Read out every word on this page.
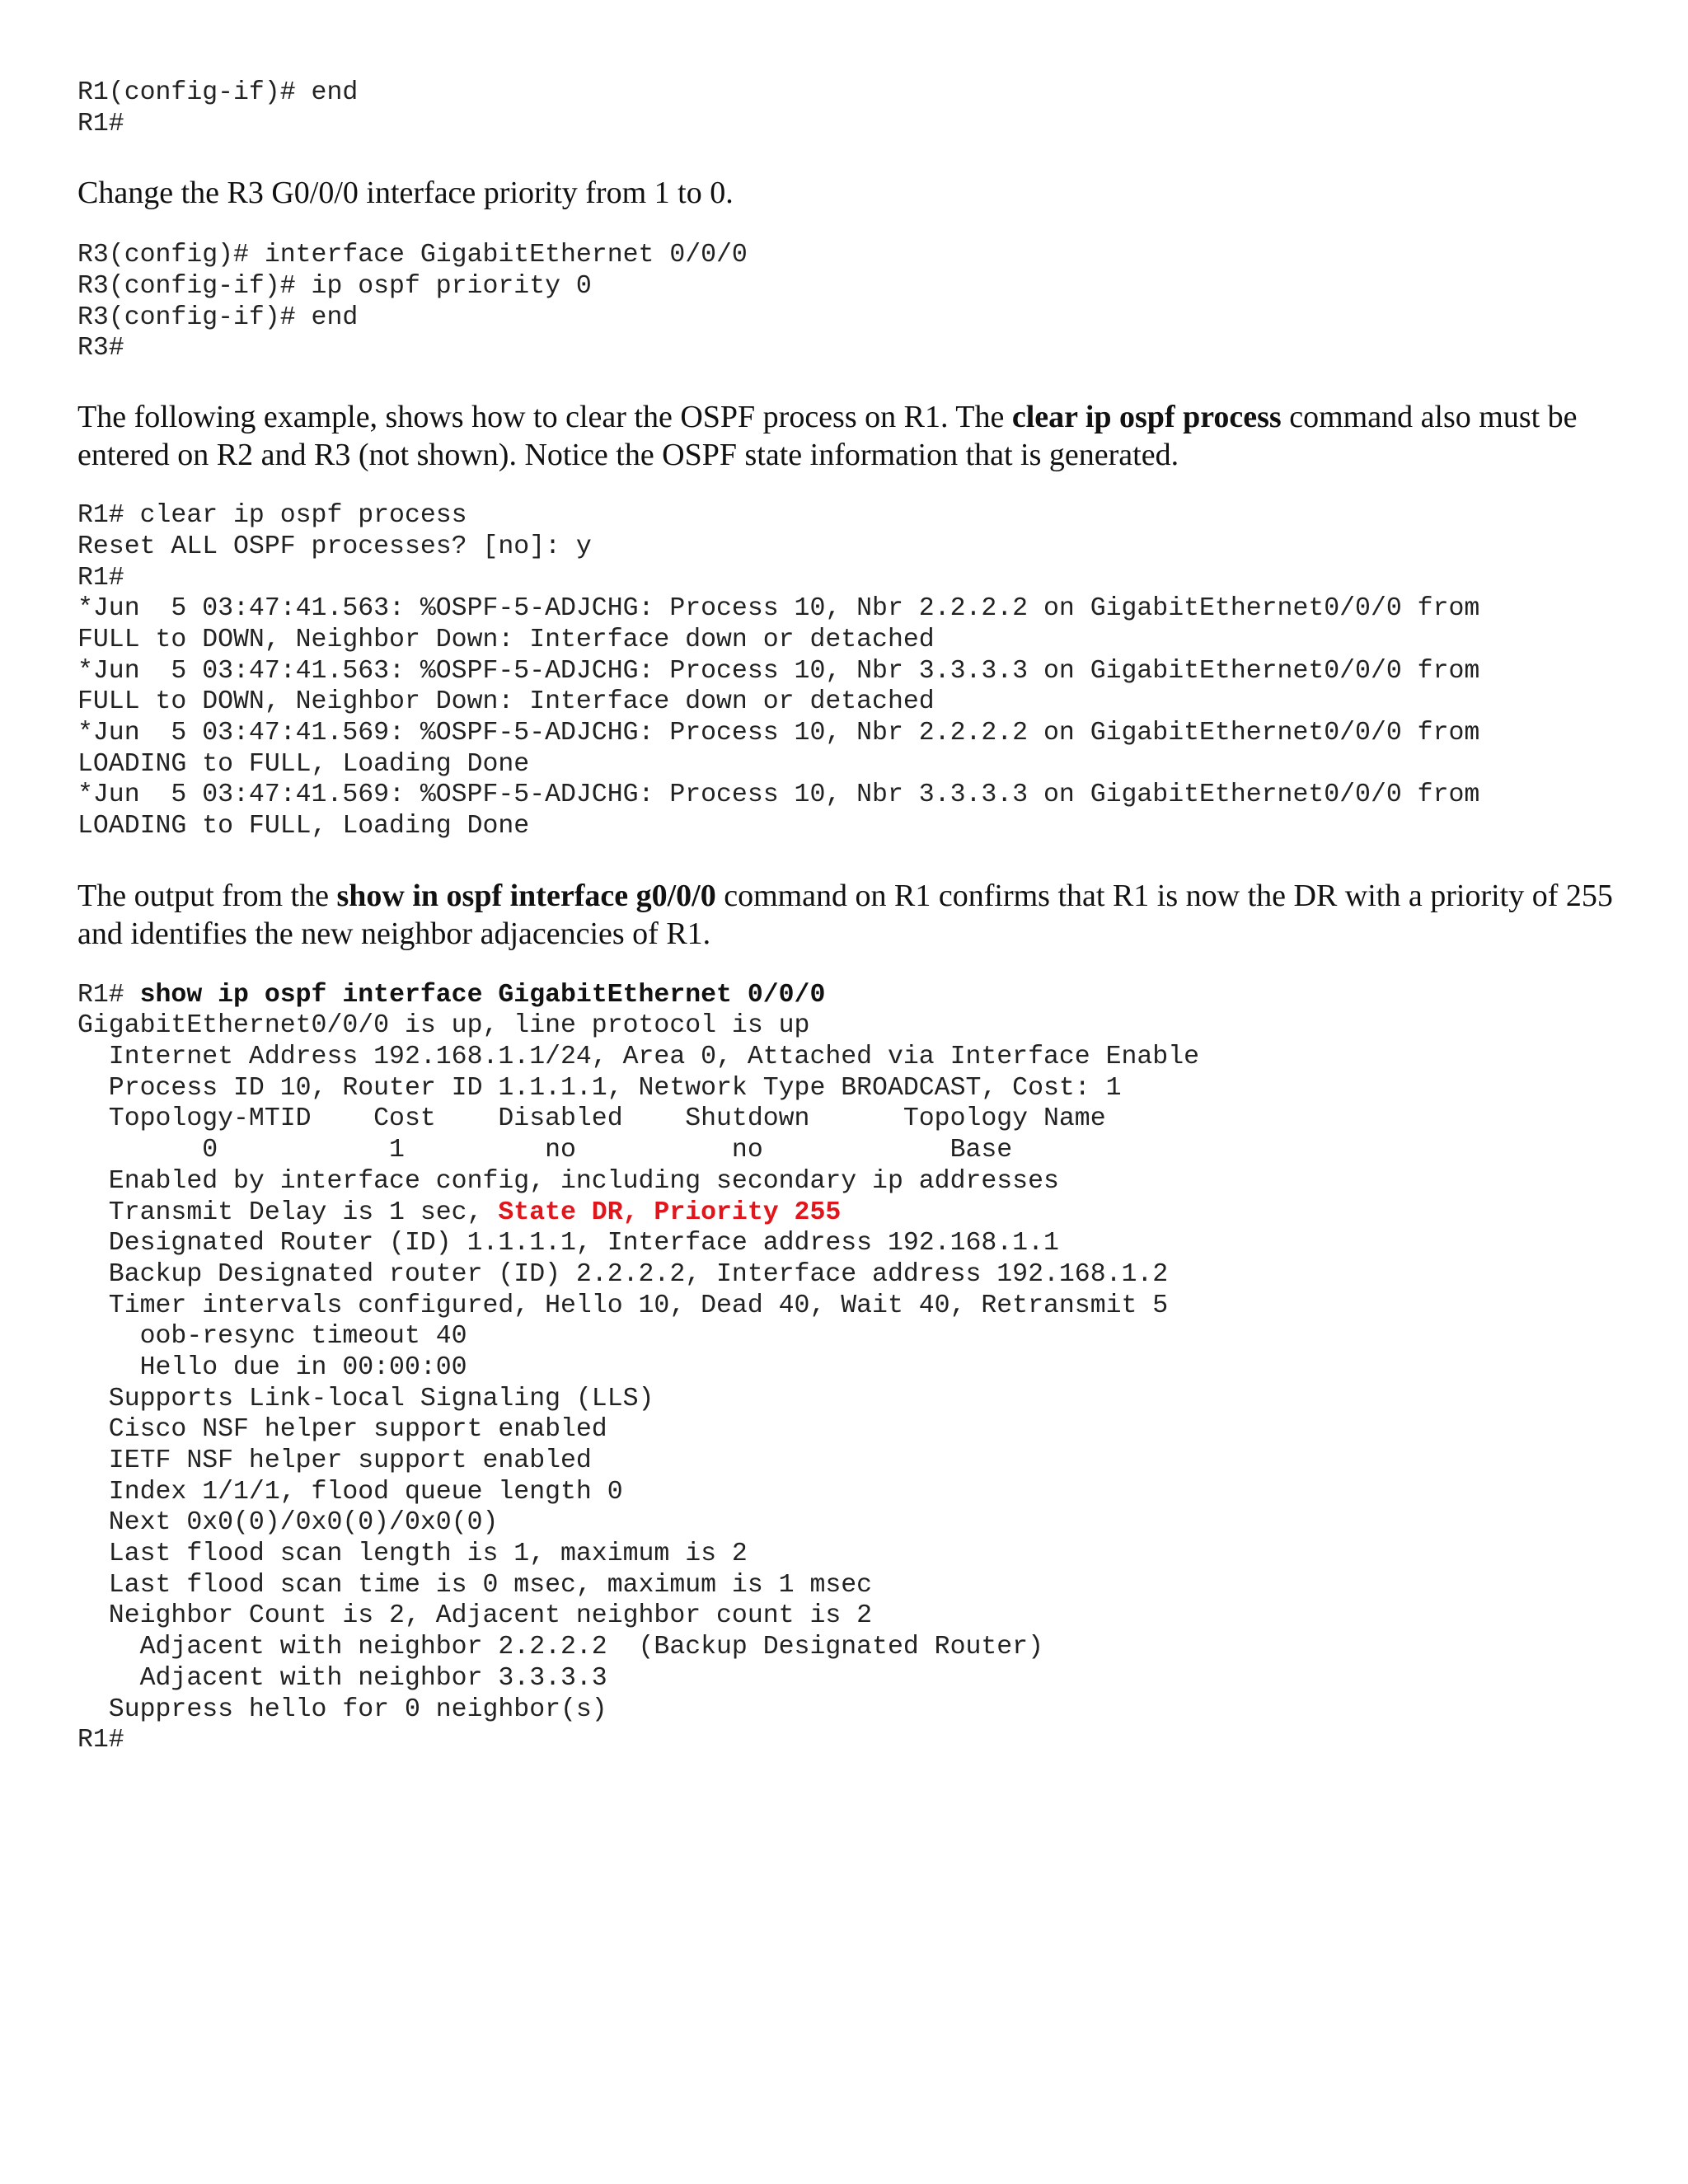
R1(config-if)# end
R1#

Change the R3 G0/0/0 interface priority from 1 to 0.

R3(config)# interface GigabitEthernet 0/0/0
R3(config-if)# ip ospf priority 0
R3(config-if)# end
R3#

The following example, shows how to clear the OSPF process on R1. The clear ip ospf process command also must be entered on R2 and R3 (not shown). Notice the OSPF state information that is generated.

R1# clear ip ospf process
Reset ALL OSPF processes? [no]: y
R1#
*Jun  5 03:47:41.563: %OSPF-5-ADJCHG: Process 10, Nbr 2.2.2.2 on GigabitEthernet0/0/0 from
FULL to DOWN, Neighbor Down: Interface down or detached
*Jun  5 03:47:41.563: %OSPF-5-ADJCHG: Process 10, Nbr 3.3.3.3 on GigabitEthernet0/0/0 from
FULL to DOWN, Neighbor Down: Interface down or detached
*Jun  5 03:47:41.569: %OSPF-5-ADJCHG: Process 10, Nbr 2.2.2.2 on GigabitEthernet0/0/0 from
LOADING to FULL, Loading Done
*Jun  5 03:47:41.569: %OSPF-5-ADJCHG: Process 10, Nbr 3.3.3.3 on GigabitEthernet0/0/0 from
LOADING to FULL, Loading Done

The output from the show in ospf interface g0/0/0 command on R1 confirms that R1 is now the DR with a priority of 255 and identifies the new neighbor adjacencies of R1.

R1# show ip ospf interface GigabitEthernet 0/0/0
GigabitEthernet0/0/0 is up, line protocol is up
Internet Address 192.168.1.1/24, Area 0, Attached via Interface Enable
Process ID 10, Router ID 1.1.1.1, Network Type BROADCAST, Cost: 1
Topology-MTID    Cost    Disabled    Shutdown      Topology Name
0           1         no          no            Base
Enabled by interface config, including secondary ip addresses
Transmit Delay is 1 sec, State DR, Priority 255
Designated Router (ID) 1.1.1.1, Interface address 192.168.1.1
Backup Designated router (ID) 2.2.2.2, Interface address 192.168.1.2
Timer intervals configured, Hello 10, Dead 40, Wait 40, Retransmit 5
oob-resync timeout 40
Hello due in 00:00:00
Supports Link-local Signaling (LLS)
Cisco NSF helper support enabled
IETF NSF helper support enabled
Index 1/1/1, flood queue length 0
Next 0x0(0)/0x0(0)/0x0(0)
Last flood scan length is 1, maximum is 2
Last flood scan time is 0 msec, maximum is 1 msec
Neighbor Count is 2, Adjacent neighbor count is 2
Adjacent with neighbor 2.2.2.2  (Backup Designated Router)
Adjacent with neighbor 3.3.3.3
Suppress hello for 0 neighbor(s)
R1#
